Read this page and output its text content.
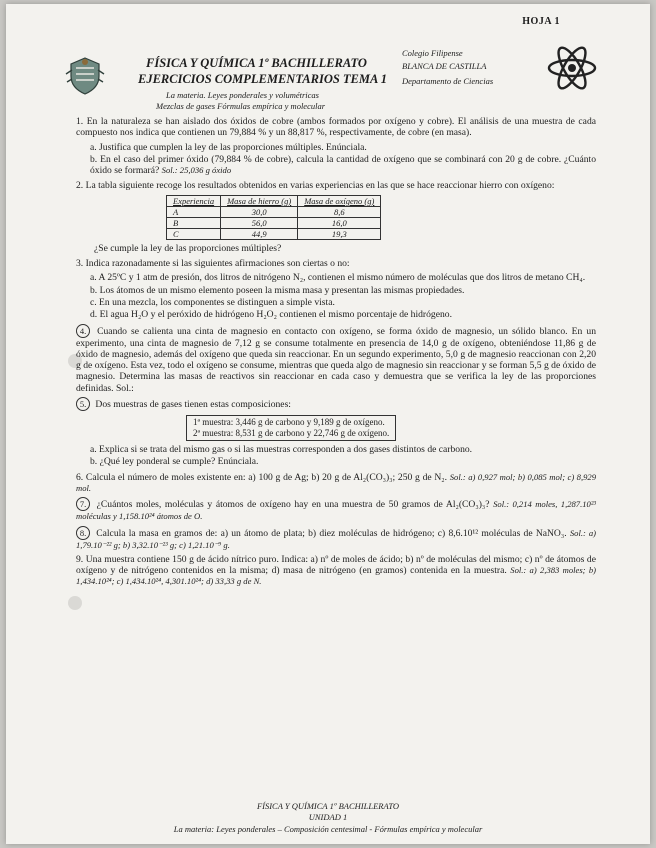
HOJA 1
FÍSICA Y QUÍMICA 1º BACHILLERATO
EJERCICIOS COMPLEMENTARIOS TEMA 1
La materia. Leyes ponderales y volumétricas
Mezclas de gases Fórmulas empírica y molecular
Colegio Filipense
BLANCA DE CASTILLA
Departamento de Ciencias
1. En la naturaleza se han aislado dos óxidos de cobre (ambos formados por oxígeno y cobre). El análisis de una muestra de cada compuesto nos indica que contienen un 79,884 % y un 88,817 %, respectivamente, de cobre (en masa).
a. Justifica que cumplen la ley de las proporciones múltiples. Enúnciala.
b. En el caso del primer óxido (79,884 % de cobre), calcula la cantidad de oxígeno que se combinará con 20 g de cobre. ¿Cuánto óxido se formará? Sol.: 25,036 g óxido
2. La tabla siguiente recoge los resultados obtenidos en varias experiencias en las que se hace reaccionar hierro con oxígeno:
Experiencia	Masa de hierro (g)	Masa de oxígeno (g)
A	30,0	8,6
B	56,0	16,0
C	44,9	19,3
¿Se cumple la ley de las proporciones múltiples?
3. Indica razonadamente si las siguientes afirmaciones son ciertas o no:
a. A 25ºC y 1 atm de presión, dos litros de nitrógeno N₂, contienen el mismo número de moléculas que dos litros de metano CH₄.
b. Los átomos de un mismo elemento poseen la misma masa y presentan las mismas propiedades.
c. En una mezcla, los componentes se distinguen a simple vista.
d. El agua H₂O y el peróxido de hidrógeno H₂O₂ contienen el mismo porcentaje de hidrógeno.
4. Cuando se calienta una cinta de magnesio en contacto con oxígeno, se forma óxido de magnesio, un sólido blanco. En un experimento, una cinta de magnesio de 7,12 g se consume totalmente en presencia de 14,0 g de oxígeno, obteniéndose 11,86 g de óxido de magnesio, además del oxígeno que queda sin reaccionar. En un segundo experimento, 5,0 g de magnesio reaccionan con 2,20 g de oxígeno. Esta vez, todo el oxígeno se consume, mientras que queda algo de magnesio sin reaccionar y se forman 5,5 g de óxido de magnesio. Determina las masas de reactivos sin reaccionar en cada caso y demuestra que se verifica la ley de las proporciones definidas. Sol.:
5. Dos muestras de gases tienen estas composiciones:
1ª muestra: 3,446 g de carbono y 9,189 g de oxígeno.
2ª muestra: 8,531 g de carbono y 22,746 g de oxígeno.
a. Explica si se trata del mismo gas o si las muestras corresponden a dos gases distintos de carbono.
b. ¿Qué ley ponderal se cumple? Enúnciala.
6. Calcula el número de moles existente en: a) 100 g de Ag; b) 20 g de Al₂(CO₃)₃; 250 g de N₂. Sol.: a) 0,927 mol; b) 0,085 mol; c) 8,929 mol.
7. ¿Cuántos moles, moléculas y átomos de oxígeno hay en una muestra de 50 gramos de Al₂(CO₃)₃? Sol.: 0,214 moles, 1,287.10²³ moléculas y 1,158.10²⁴ átomos de O.
8. Calcula la masa en gramos de: a) un átomo de plata; b) diez moléculas de hidrógeno; c) 8,6.10¹² moléculas de NaNO₃. Sol.: a) 1,79.10⁻²² g; b) 3,32.10⁻²³ g; c) 1,21.10⁻⁹ g.
9. Una muestra contiene 150 g de ácido nítrico puro. Indica: a) nº de moles de ácido; b) nº de moléculas del mismo; c) nº de átomos de oxígeno y de nitrógeno contenidos en la misma; d) masa de nitrógeno (en gramos) contenida en la muestra. Sol.: a) 2,383 moles; b) 1,434.10²⁴; c) 1,434.10²⁴, 4,301.10²⁴; d) 33,33 g de N.
FÍSICA Y QUÍMICA 1º BACHILLERATO
UNIDAD 1
La materia: Leyes ponderales – Composición centesimal - Fórmulas empírica y molecular
